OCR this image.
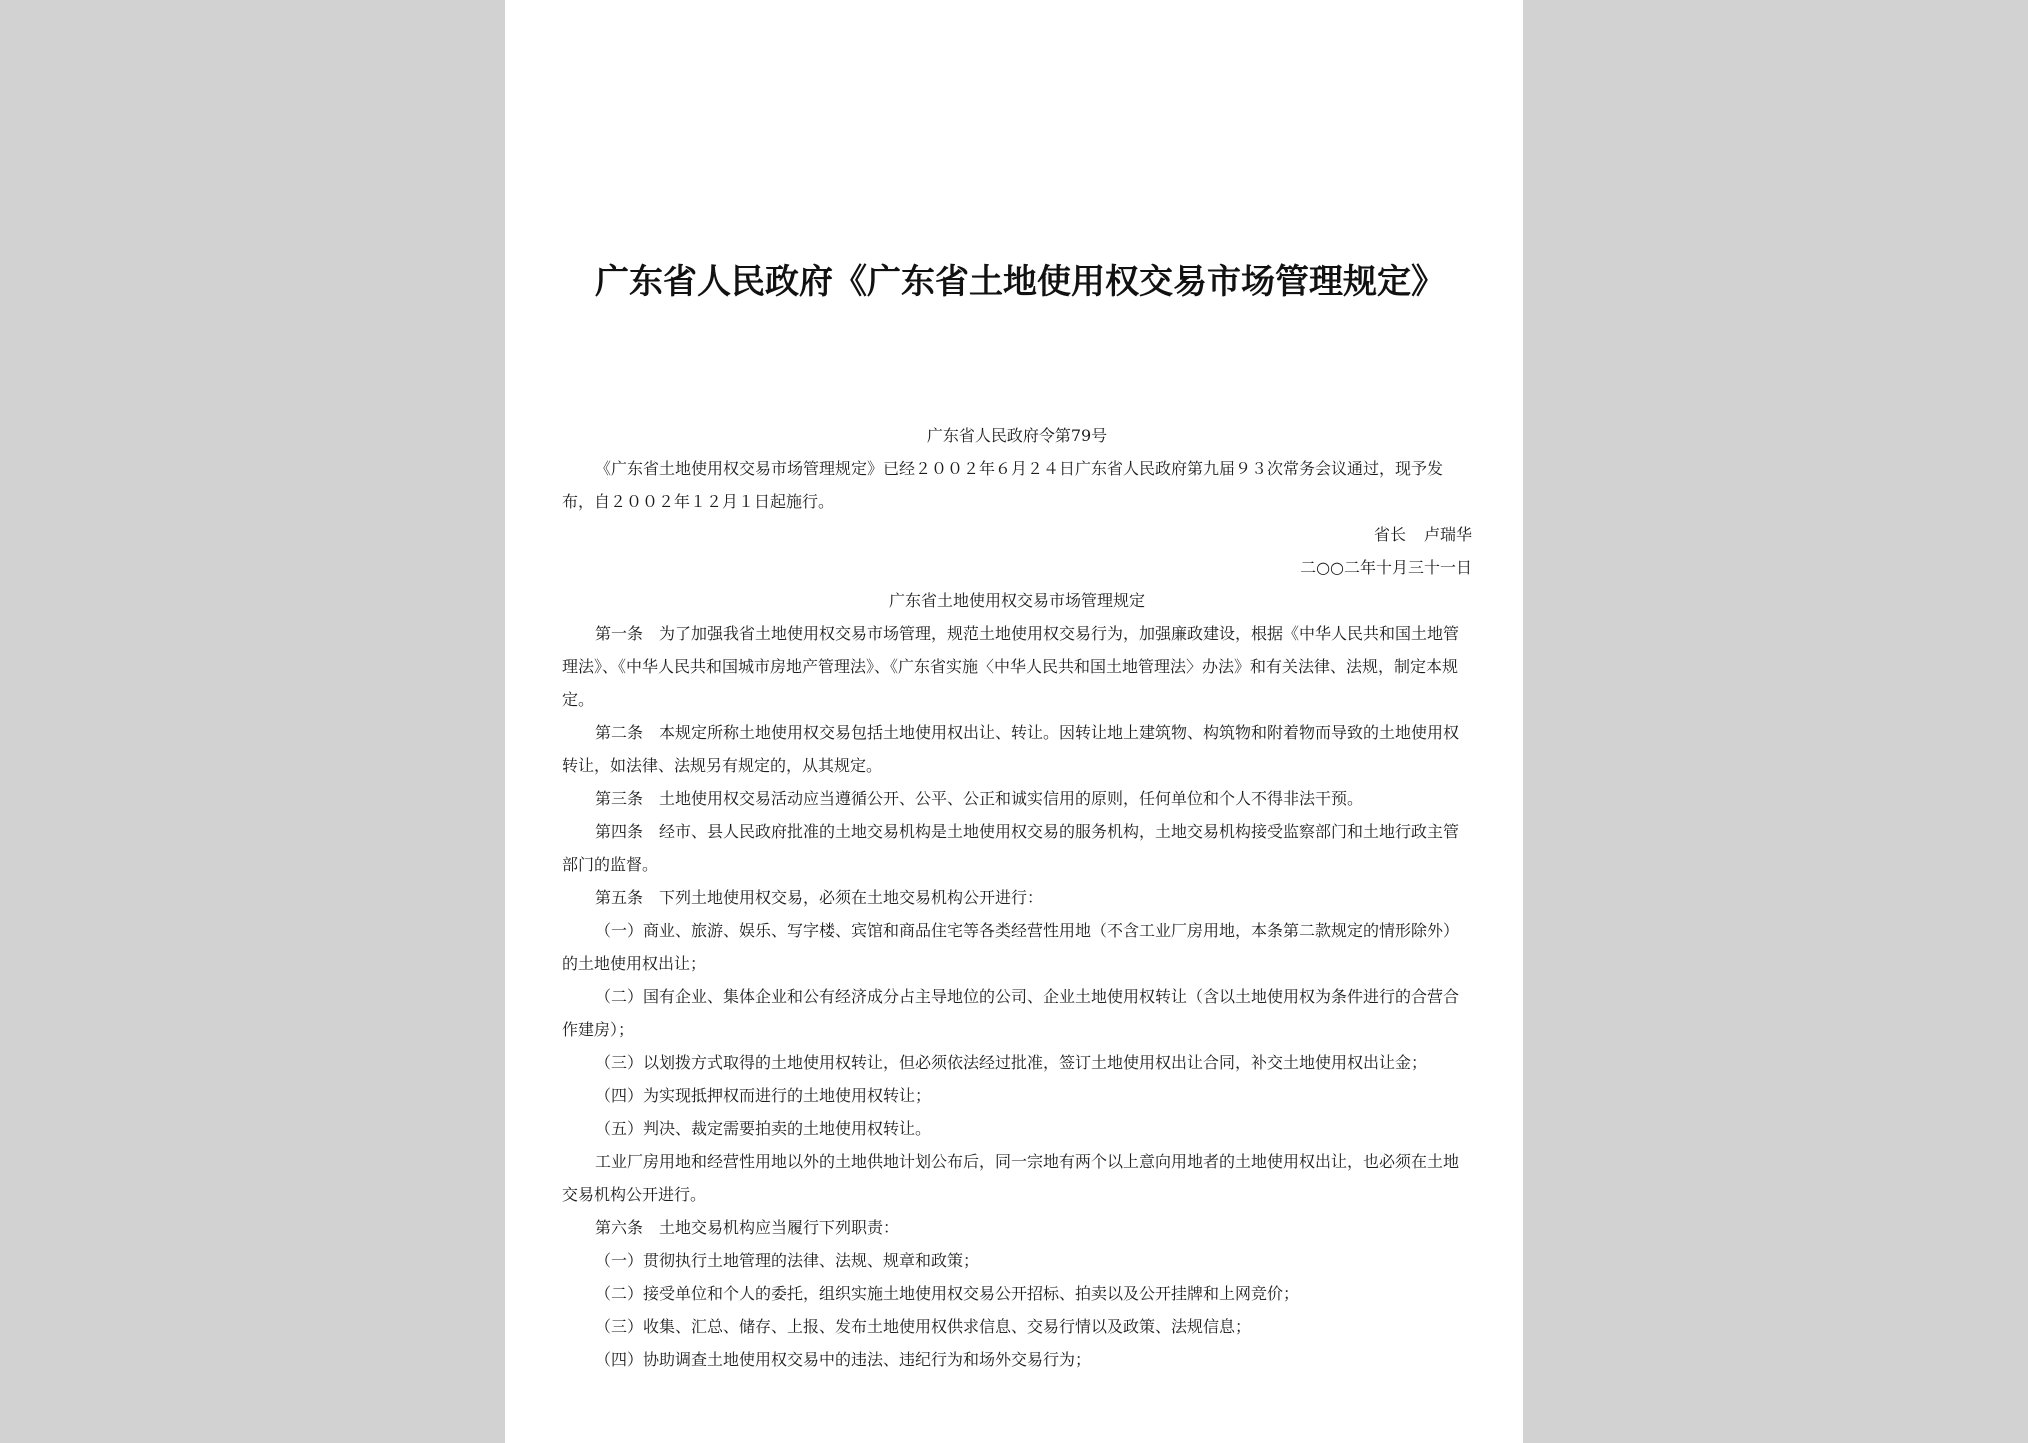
广东省人民政府《广东省土地使用权交易市场管理规定》

广东省人民政府令第79号

《广东省土地使用权交易市场管理规定》已经２００２年６月２４日广东省人民政府第九届９３次常务会议通过，现予发布，自２００２年１２月１日起施行。

省长 卢瑞华

二○○二年十月三十一日

广东省土地使用权交易市场管理规定

第一条　为了加强我省土地使用权交易市场管理，规范土地使用权交易行为，加强廉政建设，根据《中华人民共和国土地管理法》、《中华人民共和国城市房地产管理法》、《广东省实施〈中华人民共和国土地管理法〉办法》和有关法律、法规，制定本规定。

第二条　本规定所称土地使用权交易包括土地使用权出让、转让。因转让地上建筑物、构筑物和附着物而导致的土地使用权转让，如法律、法规另有规定的，从其规定。

第三条　土地使用权交易活动应当遵循公开、公平、公正和诚实信用的原则，任何单位和个人不得非法干预。

第四条　经市、县人民政府批准的土地交易机构是土地使用权交易的服务机构，土地交易机构接受监察部门和土地行政主管部门的监督。

第五条　下列土地使用权交易，必须在土地交易机构公开进行：

（一）商业、旅游、娱乐、写字楼、宾馆和商品住宅等各类经营性用地（不含工业厂房用地，本条第二款规定的情形除外）的土地使用权出让；

（二）国有企业、集体企业和公有经济成分占主导地位的公司、企业土地使用权转让（含以土地使用权为条件进行的合营合作建房）；

（三）以划拨方式取得的土地使用权转让，但必须依法经过批准，签订土地使用权出让合同，补交土地使用权出让金；

（四）为实现抵押权而进行的土地使用权转让；

（五）判决、裁定需要拍卖的土地使用权转让。

工业厂房用地和经营性用地以外的土地供地计划公布后，同一宗地有两个以上意向用地者的土地使用权出让，也必须在土地交易机构公开进行。

第六条　土地交易机构应当履行下列职责：

（一）贯彻执行土地管理的法律、法规、规章和政策；

（二）接受单位和个人的委托，组织实施土地使用权交易公开招标、拍卖以及公开挂牌和上网竞价；

（三）收集、汇总、储存、上报、发布土地使用权供求信息、交易行情以及政策、法规信息；

（四）协助调查土地使用权交易中的违法、违纪行为和场外交易行为；
